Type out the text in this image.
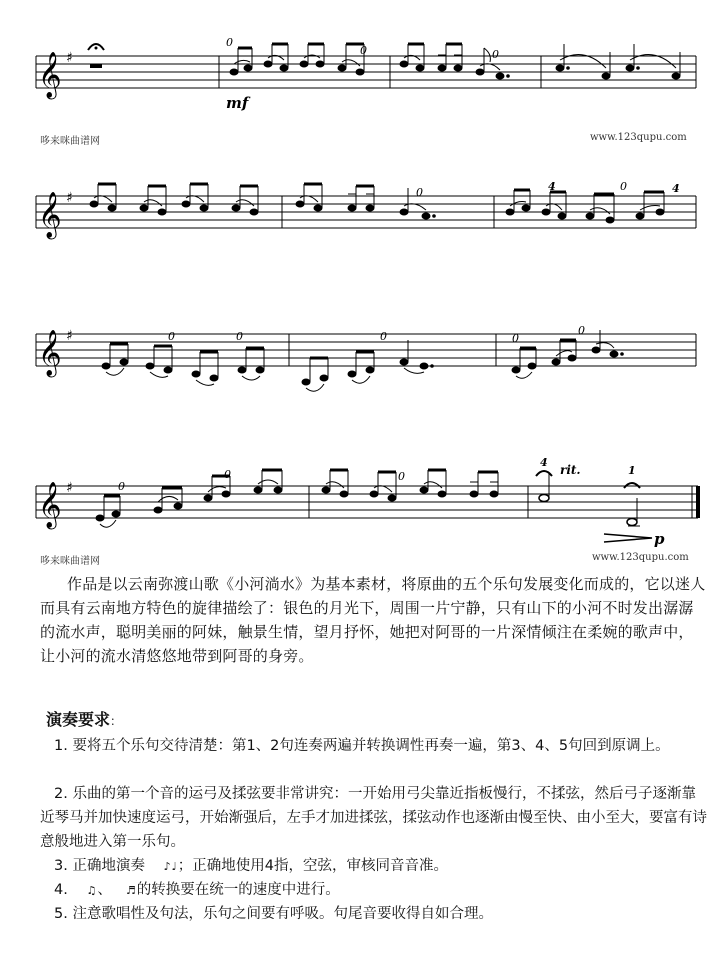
𝄞 ♯
0
0
mf
0
哆来咪曲谱网	www.123qupu.com
𝄞 ♯	0	4	0	4
𝄞 ♯	0	0	0	0
0
𝄞 ♯	0
0	0
4
rit.	1
p
哆来咪曲谱网	www.123qupu.com
作品是以云南弥渡山歌《小河淌水》为基本素材，将原曲的五个乐句发展变化而成的，它以迷人而具有云南地方特色的旋律描绘了：银色的月光下，周围一片宁静，只有山下的小河不时发出潺潺的流水声，聪明美丽的阿妹，触景生情，望月抒怀，她把对阿哥的一片深情倾注在柔婉的歌声中，让小河的流水清悠悠地带到阿哥的身旁。
演奏要求：
1. 要将五个乐句交待清楚：第1、2句连奏两遍并转换调性再奏一遍，第3、4、5句回到原调上。
2. 乐曲的第一个音的运弓及揉弦要非常讲究：一开始用弓尖靠近指板慢行，不揉弦，然后弓子逐渐靠近琴马并加快速度运弓，开始渐强后，左手才加进揉弦，揉弦动作也逐渐由慢至快、由小至大，要富有诗意般地进入第一乐句。
3. 正确地演奏 ♪♩；正确地使用4指，空弦，审核同音音准。
4. ♫、 ♬的转换要在统一的速度中进行。
5. 注意歌唱性及句法，乐句之间要有呼吸。句尾音要收得自如合理。
